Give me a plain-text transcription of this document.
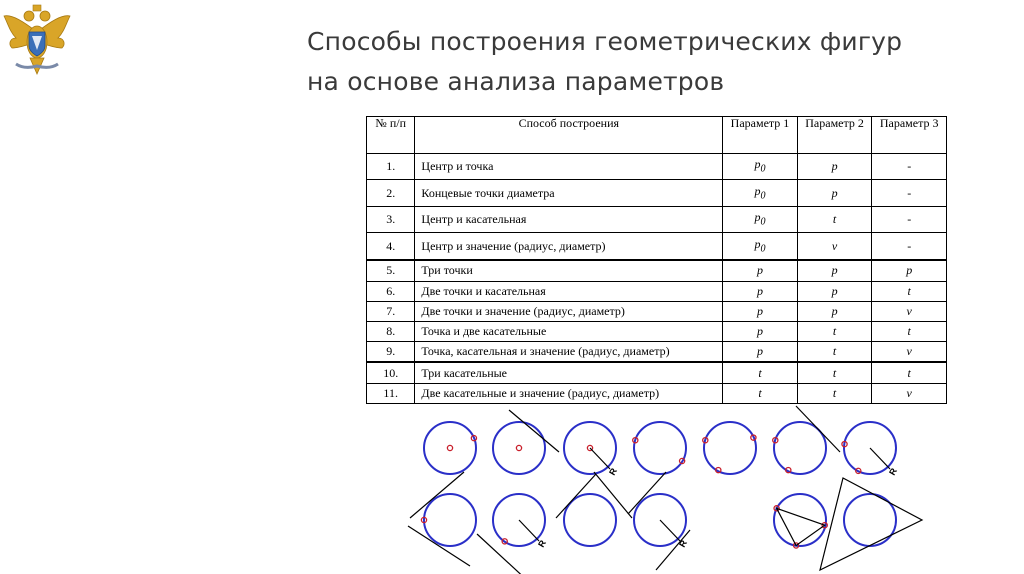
Способы построения геометрических фигур
на основе анализа параметров
№ п/п	Способ построения	Параметр 1	Параметр 2	Параметр 3
1.	Центр и точка	$p_0$	p	-
2.	Концевые точки диаметра	$p_0$	p	-
3.	Центр и касательная	$p_0$	t	-
4.	Центр и значение (радиус, диаметр)	$p_0$	v	-
5.	Три точки	p	p	p
6.	Две точки и касательная	p	p	t
7.	Две точки и значение (радиус, диаметр)	p	p	v
8.	Точка и две касательные	p	t	t
9.	Точка, касательная и значение (радиус, диаметр)	p	t	v
10.	Три касательные	t	t	t
11.	Две касательные и значение (радиус, диаметр)	t	t	v
R	R
R	R
